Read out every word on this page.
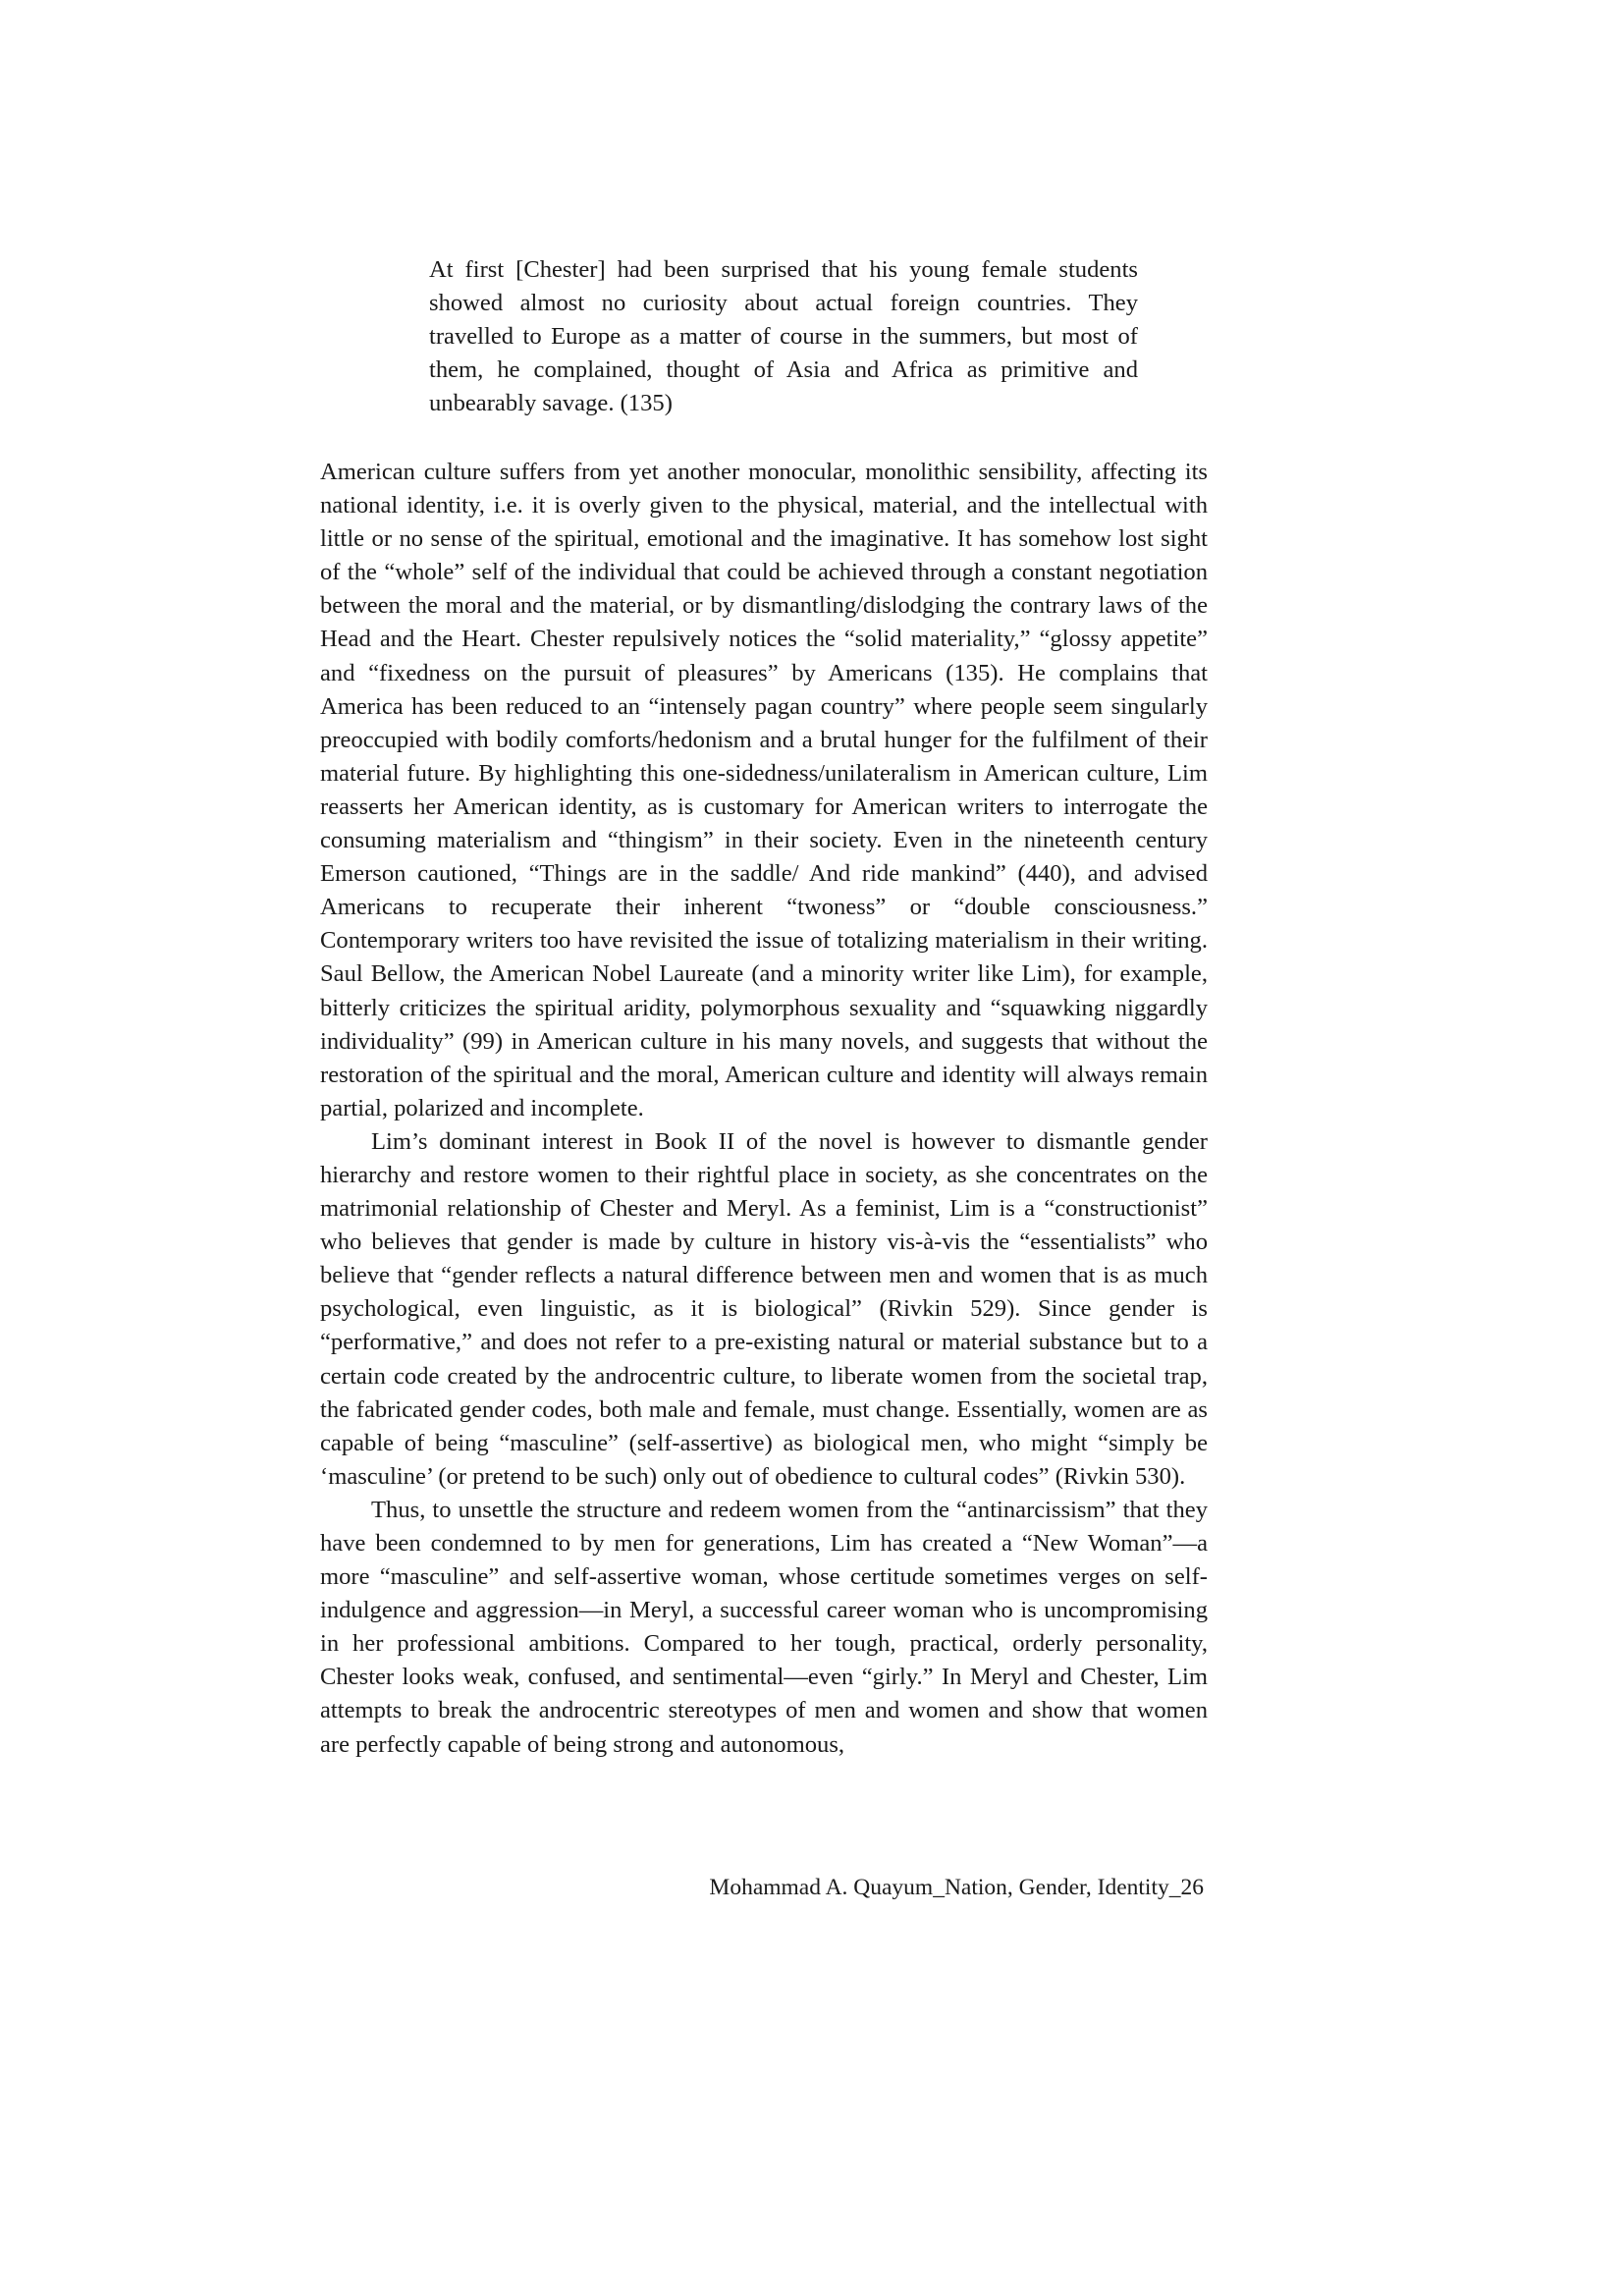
At first [Chester] had been surprised that his young female students showed almost no curiosity about actual foreign countries. They travelled to Europe as a matter of course in the summers, but most of them, he complained, thought of Asia and Africa as primitive and unbearably savage. (135)

American culture suffers from yet another monocular, monolithic sensibility, affecting its national identity, i.e. it is overly given to the physical, material, and the intellectual with little or no sense of the spiritual, emotional and the imaginative. It has somehow lost sight of the “whole” self of the individual that could be achieved through a constant negotiation between the moral and the material, or by dismantling/dislodging the contrary laws of the Head and the Heart. Chester repulsively notices the “solid materiality,” “glossy appetite” and “fixedness on the pursuit of pleasures” by Americans (135). He complains that America has been reduced to an “intensely pagan country” where people seem singularly preoccupied with bodily comforts/hedonism and a brutal hunger for the fulfilment of their material future. By highlighting this one-sidedness/unilateralism in American culture, Lim reasserts her American identity, as is customary for American writers to interrogate the consuming materialism and “thingism” in their society. Even in the nineteenth century Emerson cautioned, “Things are in the saddle/ And ride mankind” (440), and advised Americans to recuperate their inherent “twoness” or “double consciousness.” Contemporary writers too have revisited the issue of totalizing materialism in their writing. Saul Bellow, the American Nobel Laureate (and a minority writer like Lim), for example, bitterly criticizes the spiritual aridity, polymorphous sexuality and “squawking niggardly individuality” (99) in American culture in his many novels, and suggests that without the restoration of the spiritual and the moral, American culture and identity will always remain partial, polarized and incomplete.

Lim’s dominant interest in Book II of the novel is however to dismantle gender hierarchy and restore women to their rightful place in society, as she concentrates on the matrimonial relationship of Chester and Meryl. As a feminist, Lim is a “constructionist” who believes that gender is made by culture in history vis-à-vis the “essentialists” who believe that “gender reflects a natural difference between men and women that is as much psychological, even linguistic, as it is biological” (Rivkin 529). Since gender is “performative,” and does not refer to a pre-existing natural or material substance but to a certain code created by the androcentric culture, to liberate women from the societal trap, the fabricated gender codes, both male and female, must change. Essentially, women are as capable of being “masculine” (self-assertive) as biological men, who might “simply be ‘masculine’ (or pretend to be such) only out of obedience to cultural codes” (Rivkin 530).

Thus, to unsettle the structure and redeem women from the “antinarcissism” that they have been condemned to by men for generations, Lim has created a “New Woman”—a more “masculine” and self-assertive woman, whose certitude sometimes verges on self-indulgence and aggression—in Meryl, a successful career woman who is uncompromising in her professional ambitions. Compared to her tough, practical, orderly personality, Chester looks weak, confused, and sentimental—even “girly.” In Meryl and Chester, Lim attempts to break the androcentric stereotypes of men and women and show that women are perfectly capable of being strong and autonomous,

Mohammad A. Quayum_Nation, Gender, Identity_26
